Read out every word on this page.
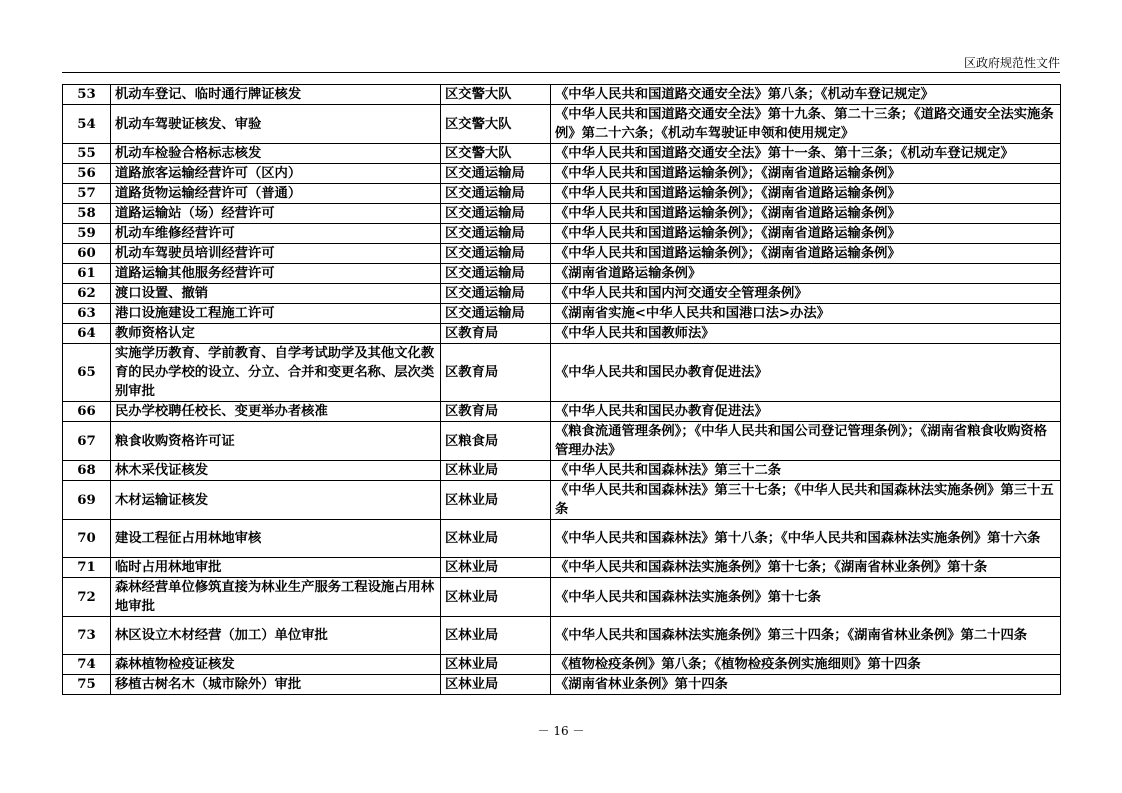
区政府规范性文件
53	机动车登记、临时通行牌证核发	区交警大队	《中华人民共和国道路交通安全法》第八条；《机动车登记规定》
54	机动车驾驶证核发、审验	区交警大队	《中华人民共和国道路交通安全法》第十九条、第二十三条；《道路交通安全法实施条例》第二十六条；《机动车驾驶证申领和使用规定》
55	机动车检验合格标志核发	区交警大队	《中华人民共和国道路交通安全法》第十一条、第十三条；《机动车登记规定》
56	道路旅客运输经营许可（区内）	区交通运输局	《中华人民共和国道路运输条例》；《湖南省道路运输条例》
57	道路货物运输经营许可（普通）	区交通运输局	《中华人民共和国道路运输条例》；《湖南省道路运输条例》
58	道路运输站（场）经营许可	区交通运输局	《中华人民共和国道路运输条例》；《湖南省道路运输条例》
59	机动车维修经营许可	区交通运输局	《中华人民共和国道路运输条例》；《湖南省道路运输条例》
60	机动车驾驶员培训经营许可	区交通运输局	《中华人民共和国道路运输条例》；《湖南省道路运输条例》
61	道路运输其他服务经营许可	区交通运输局	《湖南省道路运输条例》
62	渡口设置、撤销	区交通运输局	《中华人民共和国内河交通安全管理条例》
63	港口设施建设工程施工许可	区交通运输局	《湖南省实施<中华人民共和国港口法>办法》
64	教师资格认定	区教育局	《中华人民共和国教师法》
65	实施学历教育、学前教育、自学考试助学及其他文化教育的民办学校的设立、分立、合并和变更名称、层次类别审批	区教育局	《中华人民共和国民办教育促进法》
66	民办学校聘任校长、变更举办者核准	区教育局	《中华人民共和国民办教育促进法》
67	粮食收购资格许可证	区粮食局	《粮食流通管理条例》；《中华人民共和国公司登记管理条例》；《湖南省粮食收购资格管理办法》
68	林木采伐证核发	区林业局	《中华人民共和国森林法》第三十二条
69	木材运输证核发	区林业局	《中华人民共和国森林法》第三十七条；《中华人民共和国森林法实施条例》第三十五条
70	建设工程征占用林地审核	区林业局	《中华人民共和国森林法》第十八条；《中华人民共和国森林法实施条例》第十六条
71	临时占用林地审批	区林业局	《中华人民共和国森林法实施条例》第十七条；《湖南省林业条例》第十条
72	森林经营单位修筑直接为林业生产服务工程设施占用林地审批	区林业局	《中华人民共和国森林法实施条例》第十七条
73	林区设立木材经营（加工）单位审批	区林业局	《中华人民共和国森林法实施条例》第三十四条；《湖南省林业条例》第二十四条
74	森林植物检疫证核发	区林业局	《植物检疫条例》第八条；《植物检疫条例实施细则》第十四条
75	移植古树名木（城市除外）审批	区林业局	《湖南省林业条例》第十四条
－ 16 －
